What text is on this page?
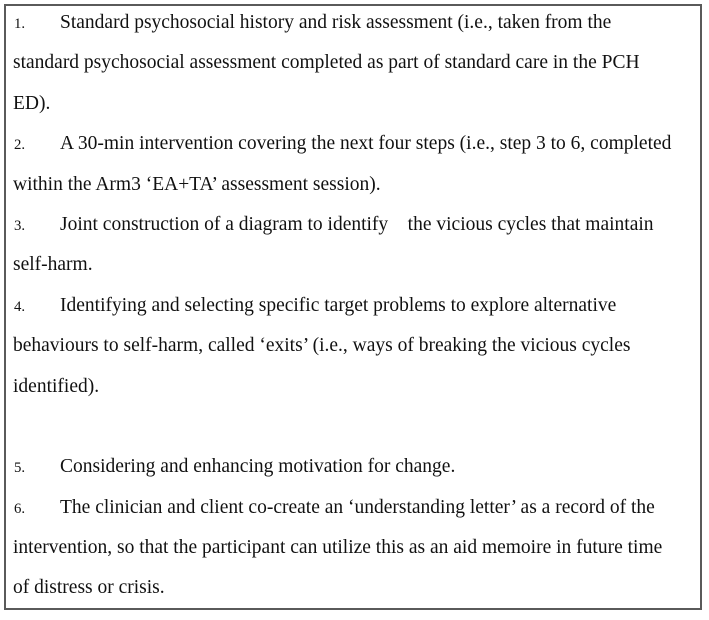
1. Standard psychosocial history and risk assessment (i.e., taken from the
standard psychosocial assessment completed as part of standard care in the PCH
ED).
2. A 30-min intervention covering the next four steps (i.e., step 3 to 6, completed
within the Arm3 ‘EA+TA’ assessment session).
3. Joint construction of a diagram to identify    the vicious cycles that maintain
self-harm.
4. Identifying and selecting specific target problems to explore alternative
behaviours to self-harm, called ‘exits’ (i.e., ways of breaking the vicious cycles
identified).
5. Considering and enhancing motivation for change.
6. The clinician and client co-create an ‘understanding letter’ as a record of the
intervention, so that the participant can utilize this as an aid memoire in future time
of distress or crisis.
